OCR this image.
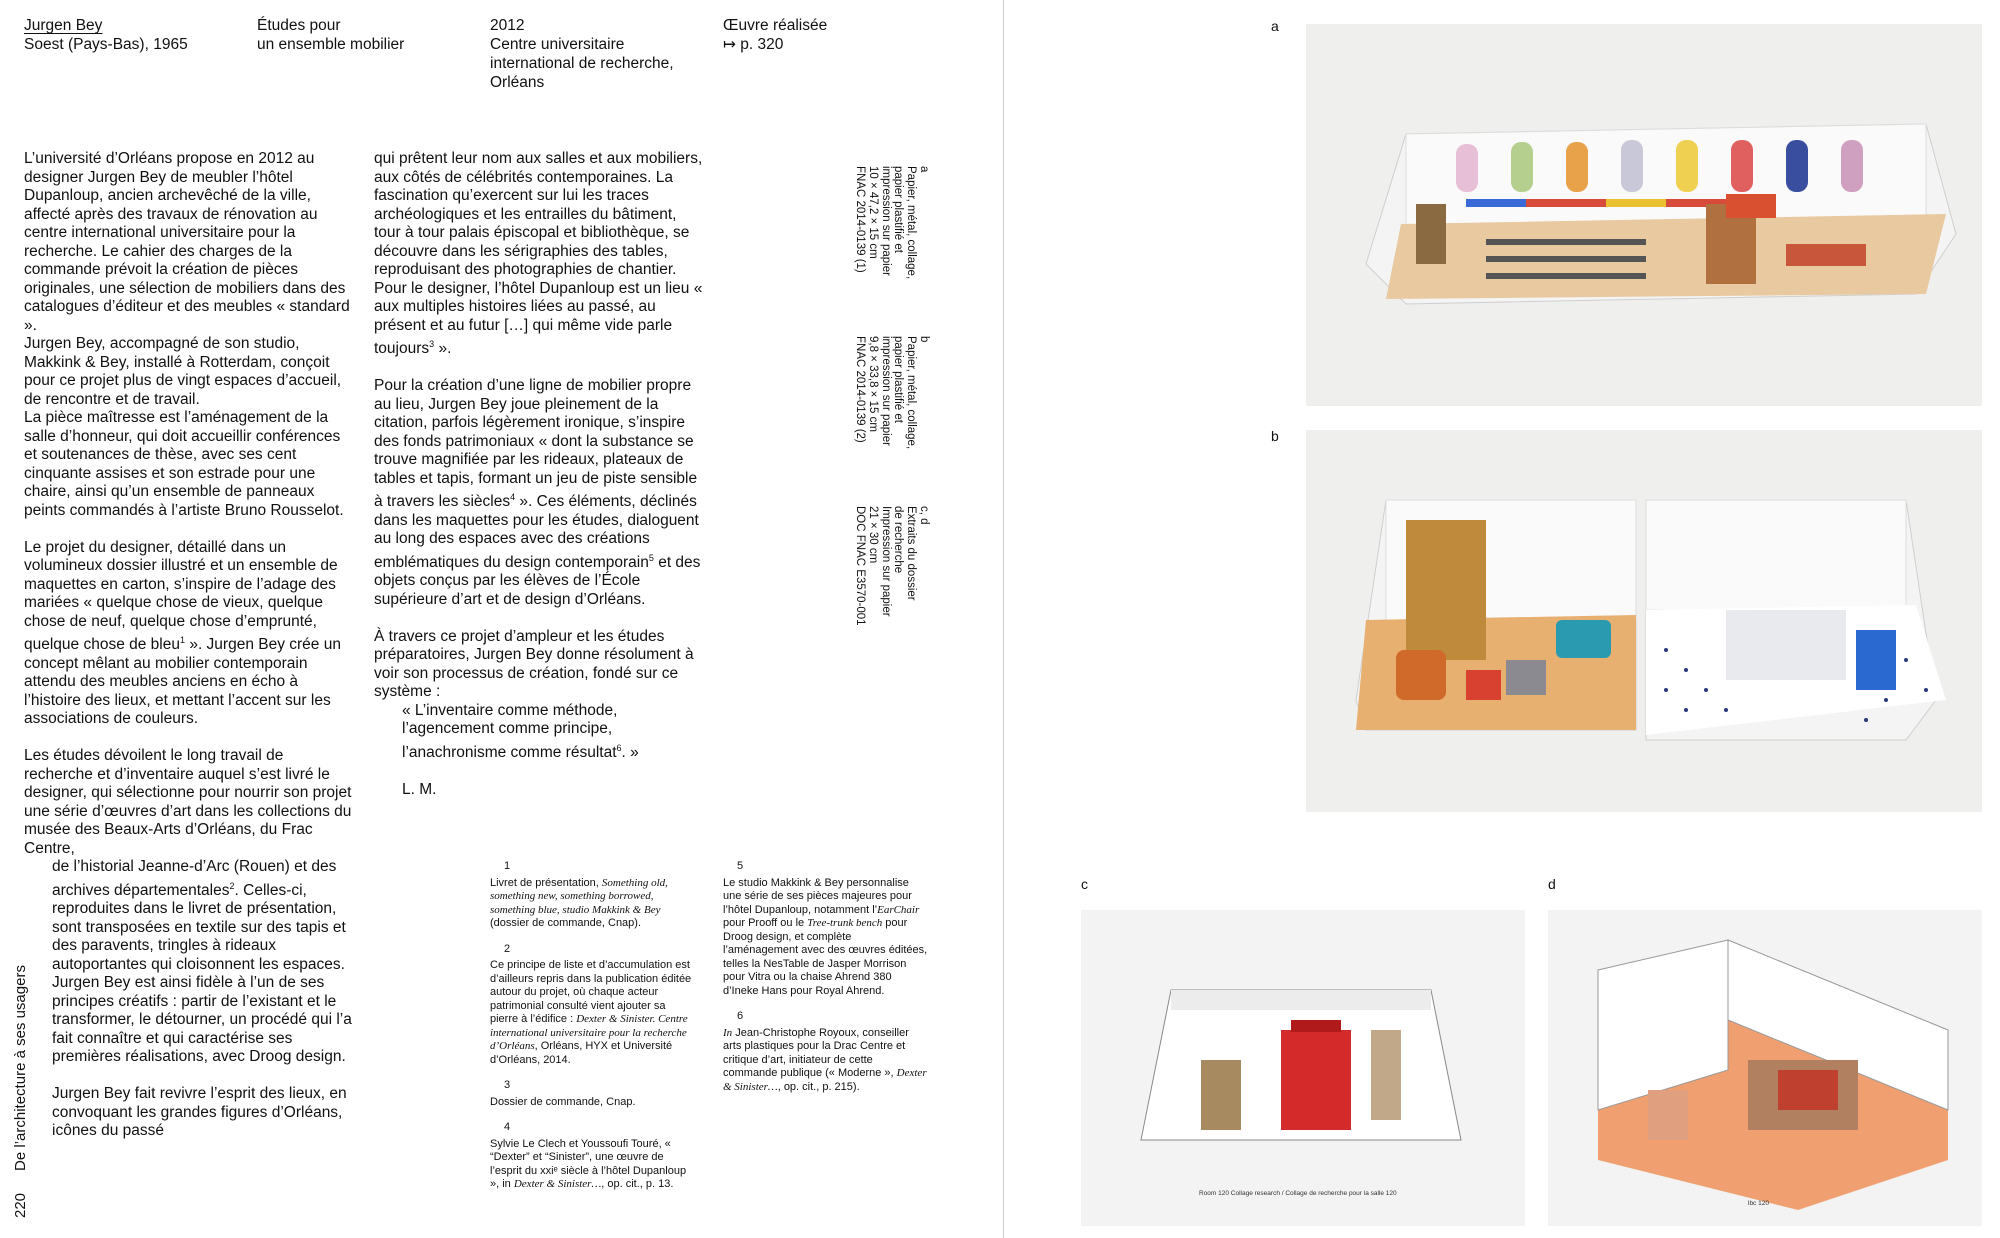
Jurgen Bey
Soest (Pays-Bas), 1965
Études pour
un ensemble mobilier
2012
Centre universitaire
international de recherche,
Orléans
Œuvre réalisée
↦ p. 320

L’université d’Orléans propose en 2012 au designer Jurgen Bey de meubler l’hôtel Dupanloup, ancien archevêché de la ville, affecté après des travaux de rénovation au centre international universitaire pour la recherche. Le cahier des charges de la commande prévoit la création de pièces originales, une sélection de mobiliers dans des catalogues d’éditeur et des meubles « standard ».

Jurgen Bey, accompagné de son studio, Makkink & Bey, installé à Rotterdam, conçoit pour ce projet plus de vingt espaces d’accueil, de rencontre et de travail.

La pièce maîtresse est l’aménagement de la salle d’honneur, qui doit accueillir conférences et soutenances de thèse, avec ses cent cinquante assises et son estrade pour une chaire, ainsi qu’un ensemble de panneaux peints commandés à l’artiste Bruno Rousselot.

Le projet du designer, détaillé dans un volumineux dossier illustré et un ensemble de maquettes en carton, s’inspire de l’adage des mariées « quelque chose de vieux, quelque chose de neuf, quelque chose d’emprunté, quelque chose de bleu$^1$ ». Jurgen Bey crée un concept mêlant au mobilier contemporain attendu des meubles anciens en écho à l’histoire des lieux, et mettant l’accent sur les associations de couleurs.

Les études dévoilent le long travail de recherche et d’inventaire auquel s’est livré le designer, qui sélectionne pour nourrir son projet une série d’œuvres d’art dans les collections du musée des Beaux-Arts d’Orléans, du Frac Centre,

de l’historial Jeanne-d’Arc (Rouen) et des archives départementales$^2$. Celles-ci, reproduites dans le livret de présentation, sont transposées en textile sur des tapis et des paravents, tringles à rideaux autoportantes qui cloisonnent les espaces. Jurgen Bey est ainsi fidèle à l’un de ses principes créatifs : partir de l’existant et le transformer, le détourner, un procédé qui l’a fait connaître et qui caractérise ses premières réalisations, avec Droog design.

Jurgen Bey fait revivre l’esprit des lieux, en convoquant les grandes figures d’Orléans, icônes du passé

qui prêtent leur nom aux salles et aux mobiliers, aux côtés de célébrités contemporaines. La fascination qu’exercent sur lui les traces archéologiques et les entrailles du bâtiment, tour à tour palais épiscopal et bibliothèque, se découvre dans les sérigraphies des tables, reproduisant des photographies de chantier. Pour le designer, l’hôtel Dupanloup est un lieu « aux multiples histoires liées au passé, au présent et au futur […] qui même vide parle toujours$^3$ ».

Pour la création d’une ligne de mobilier propre au lieu, Jurgen Bey joue pleinement de la citation, parfois légèrement ironique, s’inspire des fonds patrimoniaux « dont la substance se trouve magnifiée par les rideaux, plateaux de tables et tapis, formant un jeu de piste sensible à travers les siècles$^4$ ». Ces éléments, déclinés dans les maquettes pour les études, dialoguent au long des espaces avec des créations emblématiques du design contemporain$^5$ et des objets conçus par les élèves de l’École supérieure d’art et de design d’Orléans.

À travers ce projet d’ampleur et les études préparatoires, Jurgen Bey donne résolument à voir son processus de création, fondé sur ce système :

« L’inventaire comme méthode, l’agencement comme principe, l’anachronisme comme résultat$^6$. »

L. M.

1
Livret de présentation, Something old, something new, something borrowed, something blue, studio Makkink & Bey (dossier de commande, Cnap).
2
Ce principe de liste et d’accumulation est d’ailleurs repris dans la publication éditée autour du projet, où chaque acteur patrimonial consulté vient ajouter sa pierre à l’édifice : Dexter & Sinister. Centre international universitaire pour la recherche d’Orléans, Orléans, HYX et Université d’Orléans, 2014.
3
Dossier de commande, Cnap.
4
Sylvie Le Clech et Youssoufi Touré, « “Dexter” et “Sinister”, une œuvre de l’esprit du xxiᵉ siècle à l’hôtel Dupanloup », in Dexter & Sinister…, op. cit., p. 13.
5
Le studio Makkink & Bey personnalise une série de ses pièces majeures pour l’hôtel Dupanloup, notamment l’EarChair pour Prooff ou le Tree-trunk bench pour Droog design, et complète l’aménagement avec des œuvres éditées, telles la NesTable de Jasper Morrison pour Vitra ou la chaise Ahrend 380 d’Ineke Hans pour Royal Ahrend.
6
In Jean-Christophe Royoux, conseiller arts plastiques pour la Drac Centre et critique d’art, initiateur de cette commande publique (« Moderne », Dexter & Sinister…, op. cit., p. 215).
a
Papier, métal, collage,
papier plastifié et
impression sur papier
10 × 47,2 × 15 cm
FNAC 2014-0139 (1)
b
Papier, métal, collage,
papier plastifié et
impression sur papier
9,8 × 33,8 × 15 cm
FNAC 2014-0139 (2)
c, d
Extraits du dossier
de recherche
Impression sur papier
21 × 30 cm
DOC FNAC E3570-001
220De l’architecture à ses usagers
a
b
c
Room 120 Collage research / Collage de recherche pour la salle 120
d
lbc 120
